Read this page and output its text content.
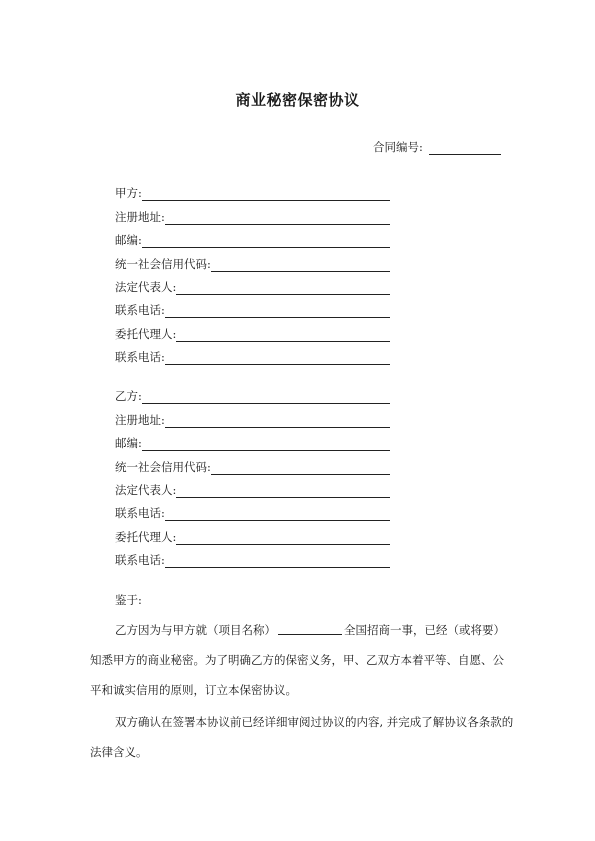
商业秘密保密协议
合同编号:
甲方:
注册地址:
邮编:
统一社会信用代码:
法定代表人:
联系电话:
委托代理人:
联系电话:
乙方:
注册地址:
邮编:
统一社会信用代码:
法定代表人:
联系电话:
委托代理人:
联系电话:
鉴于:
乙方因为与甲方就（项目名称）	全国招商一事，已经（或将要）知悉甲方的商业秘密。为了明确乙方的保密义务，甲、乙双方本着平等、自愿、公平和诚实信用的原则，订立本保密协议。
双方确认在签署本协议前已经详细审阅过协议的内容, 并完成了解协议各条款的法律含义。
